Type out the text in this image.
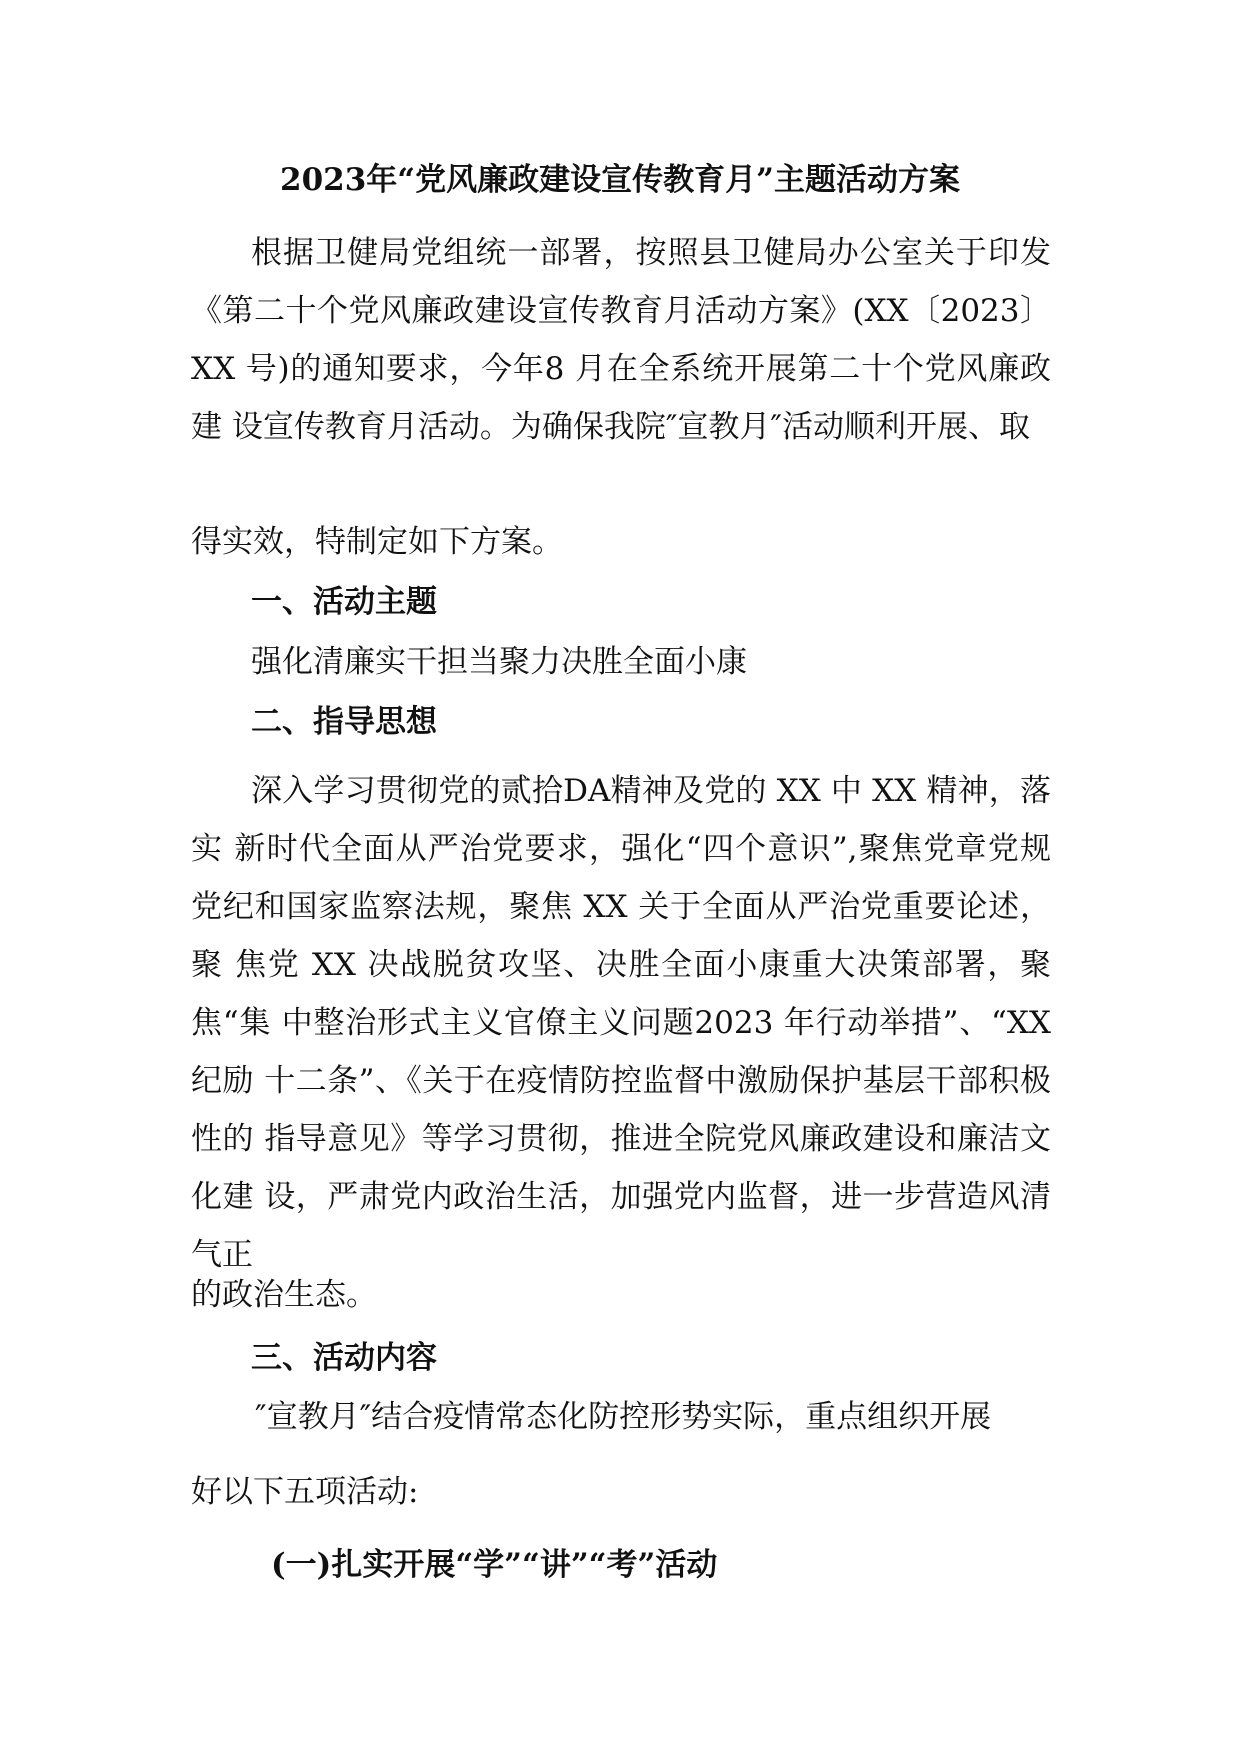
2023年“党风廉政建设宣传教育月”主题活动方案
根据卫健局党组统一部署，按照县卫健局办公室关于印发《第二十个党风廉政建设宣传教育月活动方案》(XX〔2023〕XX 号)的通知要求，今年8 月在全系统开展第二十个党风廉政建 设宣传教育月活动。为确保我院″宣教月″活动顺利开展、取
得实效，特制定如下方案。
一、活动主题
强化清廉实干担当聚力决胜全面小康
二、指导思想
深入学习贯彻党的贰拾DA精神及党的 XX 中 XX 精神，落实 新时代全面从严治党要求，强化“四个意识”,聚焦党章党规 党纪和国家监察法规，聚焦 XX 关于全面从严治党重要论述，聚 焦党 XX 决战脱贫攻坚、决胜全面小康重大决策部署，聚焦“集 中整治形式主义官僚主义问题2023 年行动举措”、“XX 纪励 十二条”、《关于在疫情防控监督中激励保护基层干部积极性的 指导意见》等学习贯彻，推进全院党风廉政建设和廉洁文化建 设，严肃党内政治生活，加强党内监督，进一步营造风清气正
的政治生态。
三、活动内容
″宣教月″结合疫情常态化防控形势实际，重点组织开展
好以下五项活动:
(一)扎实开展“学”“讲”“考”活动
